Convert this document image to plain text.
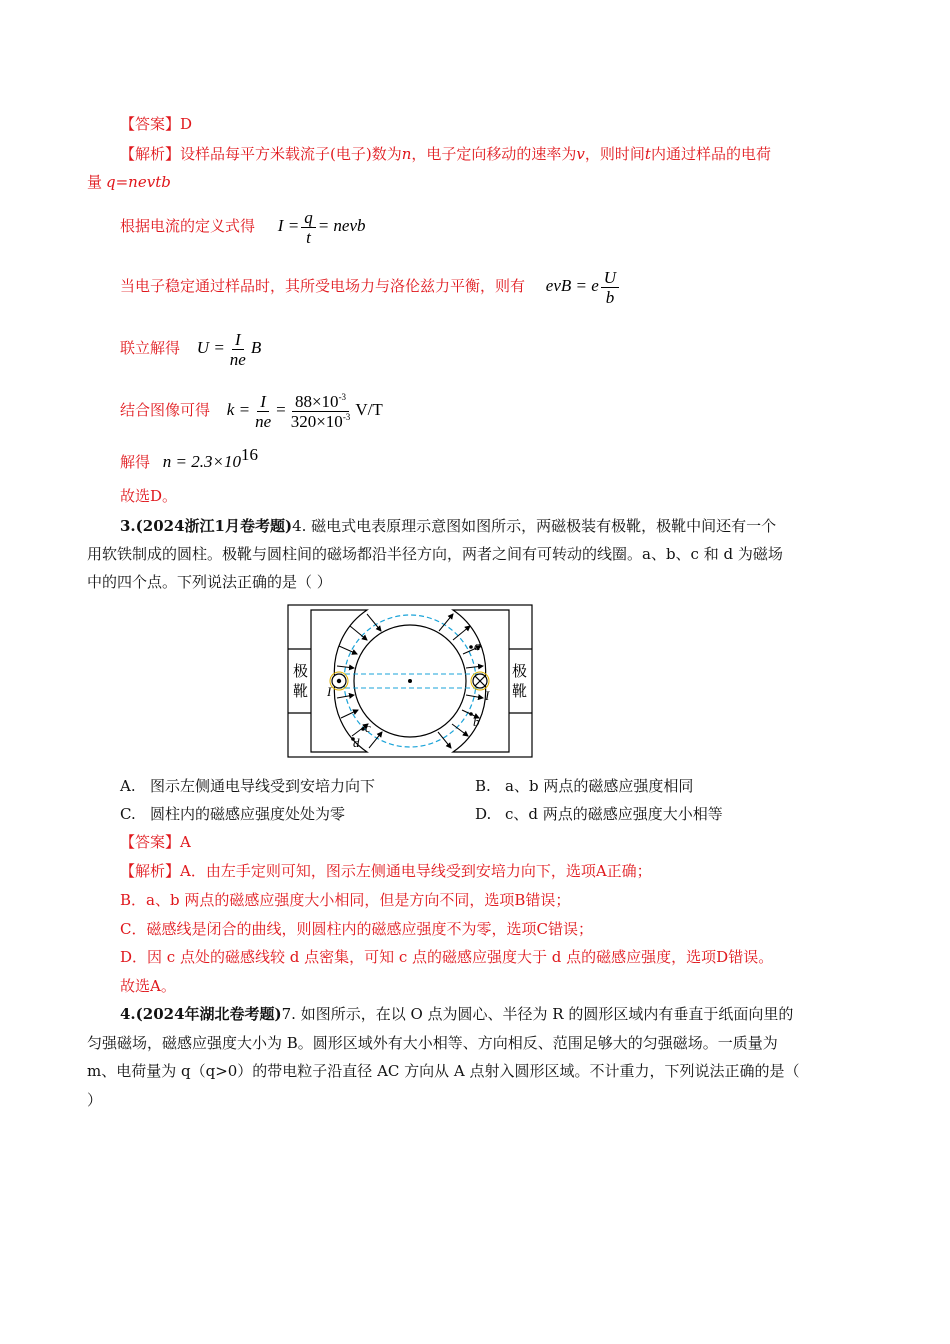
【答案】D
【解析】设样品每平方米载流子(电子)数为n，电子定向移动的速率为v，则时间t内通过样品的电荷
量 q=nevtb
根据电流的定义式得 $I = \frac{q}{t}$ = nevb
当电子稳定通过样品时，其所受电场力与洛伦兹力平衡，则有 evB = e $\frac{U}{b}$
联立解得 $U = \frac{I}{ne}$ B
结合图像可得 $k = \frac{I}{ne} = \frac{88\times 10^{-3}}{320\times 10^{-3}} V/T$
解得 $n = 2.3\times 10^{16}$
故选D。
3.(2024浙江1月卷考题)4. 磁电式电表原理示意图如图所示，两磁极装有极靴，极靴中间还有一个
用软铁制成的圆柱。极靴与圆柱间的磁场都沿半径方向，两者之间有可转动的线圈。a、b、c 和 d 为磁场
中的四个点。下列说法正确的是（ ）
极
靴
极
靴
a
b
c
d
I	I
A. 图示左侧通电导线受到安培力向下	B. a、b 两点的磁感应强度相同
C. 圆柱内的磁感应强度处处为零	D. c、d 两点的磁感应强度大小相等
【答案】A
【解析】A．由左手定则可知，图示左侧通电导线受到安培力向下，选项A正确；
B．a、b 两点的磁感应强度大小相同，但是方向不同，选项B错误；
C．磁感线是闭合的曲线，则圆柱内的磁感应强度不为零，选项C错误；
D．因 c 点处的磁感线较 d 点密集，可知 c 点的磁感应强度大于 d 点的磁感应强度，选项D错误。
故选A。
4.(2024年湖北卷考题)7. 如图所示，在以 O 点为圆心、半径为 R 的圆形区域内有垂直于纸面向里的
匀强磁场，磁感应强度大小为 B。圆形区域外有大小相等、方向相反、范围足够大的匀强磁场。一质量为
m、电荷量为 q（q>0）的带电粒子沿直径 AC 方向从 A 点射入圆形区域。不计重力，下列说法正确的是（
）
